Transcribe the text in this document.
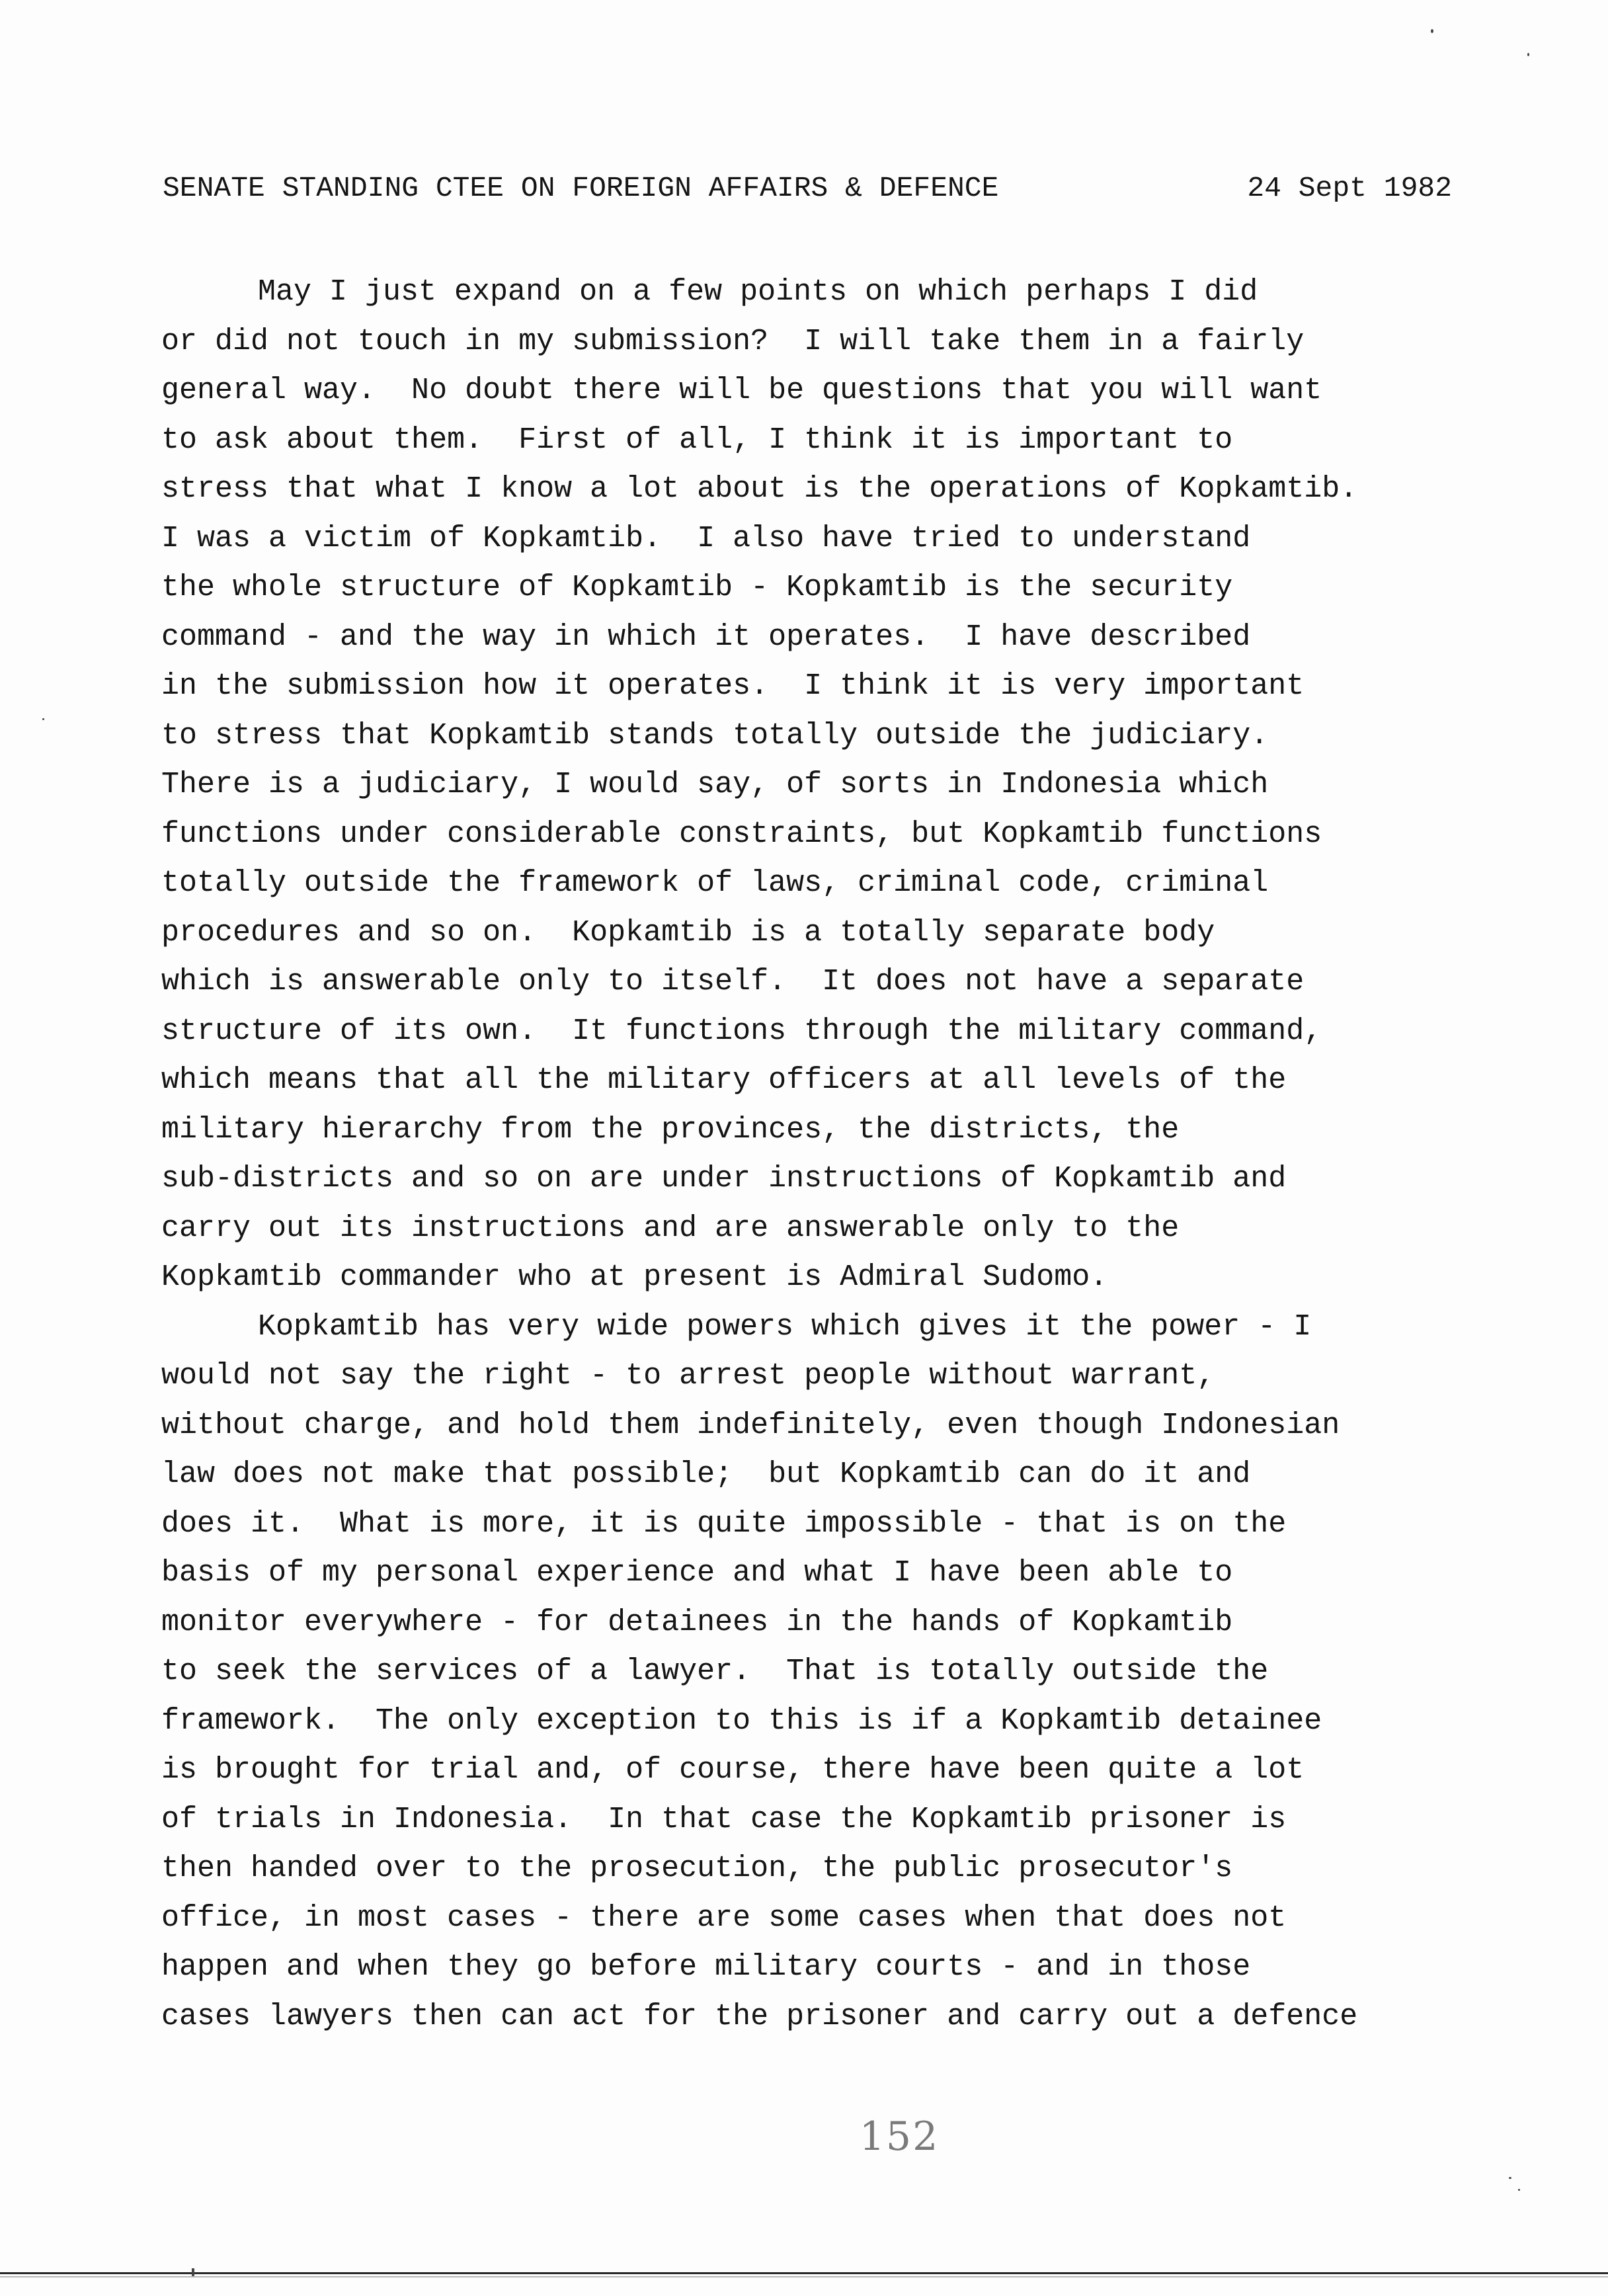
SENATE STANDING CTEE ON FOREIGN AFFAIRS & DEFENCE

	24 Sept 1982

May I just expand on a few points on which perhaps I did
or did not touch in my submission?  I will take them in a fairly
general way.  No doubt there will be questions that you will want
to ask about them.  First of all, I think it is important to
stress that what I know a lot about is the operations of Kopkamtib.
I was a victim of Kopkamtib.  I also have tried to understand
the whole structure of Kopkamtib - Kopkamtib is the security
command - and the way in which it operates.  I have described
in the submission how it operates.  I think it is very important
to stress that Kopkamtib stands totally outside the judiciary.
There is a judiciary, I would say, of sorts in Indonesia which
functions under considerable constraints, but Kopkamtib functions
totally outside the framework of laws, criminal code, criminal
procedures and so on.  Kopkamtib is a totally separate body
which is answerable only to itself.  It does not have a separate
structure of its own.  It functions through the military command,
which means that all the military officers at all levels of the
military hierarchy from the provinces, the districts, the
sub-districts and so on are under instructions of Kopkamtib and
carry out its instructions and are answerable only to the
Kopkamtib commander who at present is Admiral Sudomo.
Kopkamtib has very wide powers which gives it the power - I
would not say the right - to arrest people without warrant,
without charge, and hold them indefinitely, even though Indonesian
law does not make that possible;  but Kopkamtib can do it and
does it.  What is more, it is quite impossible - that is on the
basis of my personal experience and what I have been able to
monitor everywhere - for detainees in the hands of Kopkamtib
to seek the services of a lawyer.  That is totally outside the
framework.  The only exception to this is if a Kopkamtib detainee
is brought for trial and, of course, there have been quite a lot
of trials in Indonesia.  In that case the Kopkamtib prisoner is
then handed over to the prosecution, the public prosecutor's
office, in most cases - there are some cases when that does not
happen and when they go before military courts - and in those
cases lawyers then can act for the prisoner and carry out a defence
152
